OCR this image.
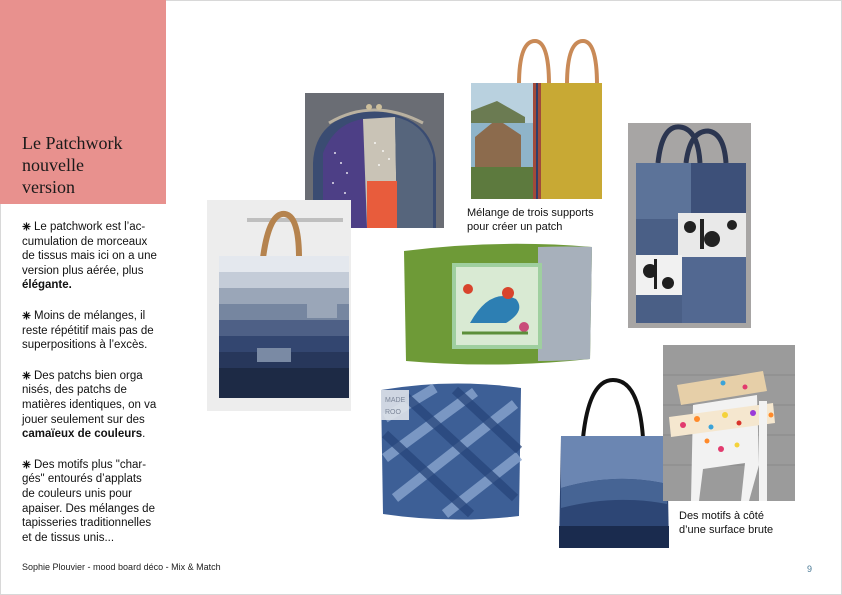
Le Patchwork
nouvelle
version

Le patchwork est l’ac-
cumulation de morceaux
de tissus mais ici on a une
version plus aérée, plus
élégante.

Moins de mélanges, il
reste répétitif mais pas de
superpositions à l’excès.

Des patchs bien orga
nisés, des patchs de
matières identiques, on va
jouer seulement sur des
camaïeux de couleurs.

Des motifs plus "char-
gés" entourés d’applats
de couleurs unis pour
apaiser. Des mélanges de
tapisseries traditionnelles
et de tissus unis...

Mélange de trois supports
pour créer un patch
MADE
ROO
Des motifs à côté
d’une surface brute
Sophie Plouvier - mood board déco - Mix & Match	9
